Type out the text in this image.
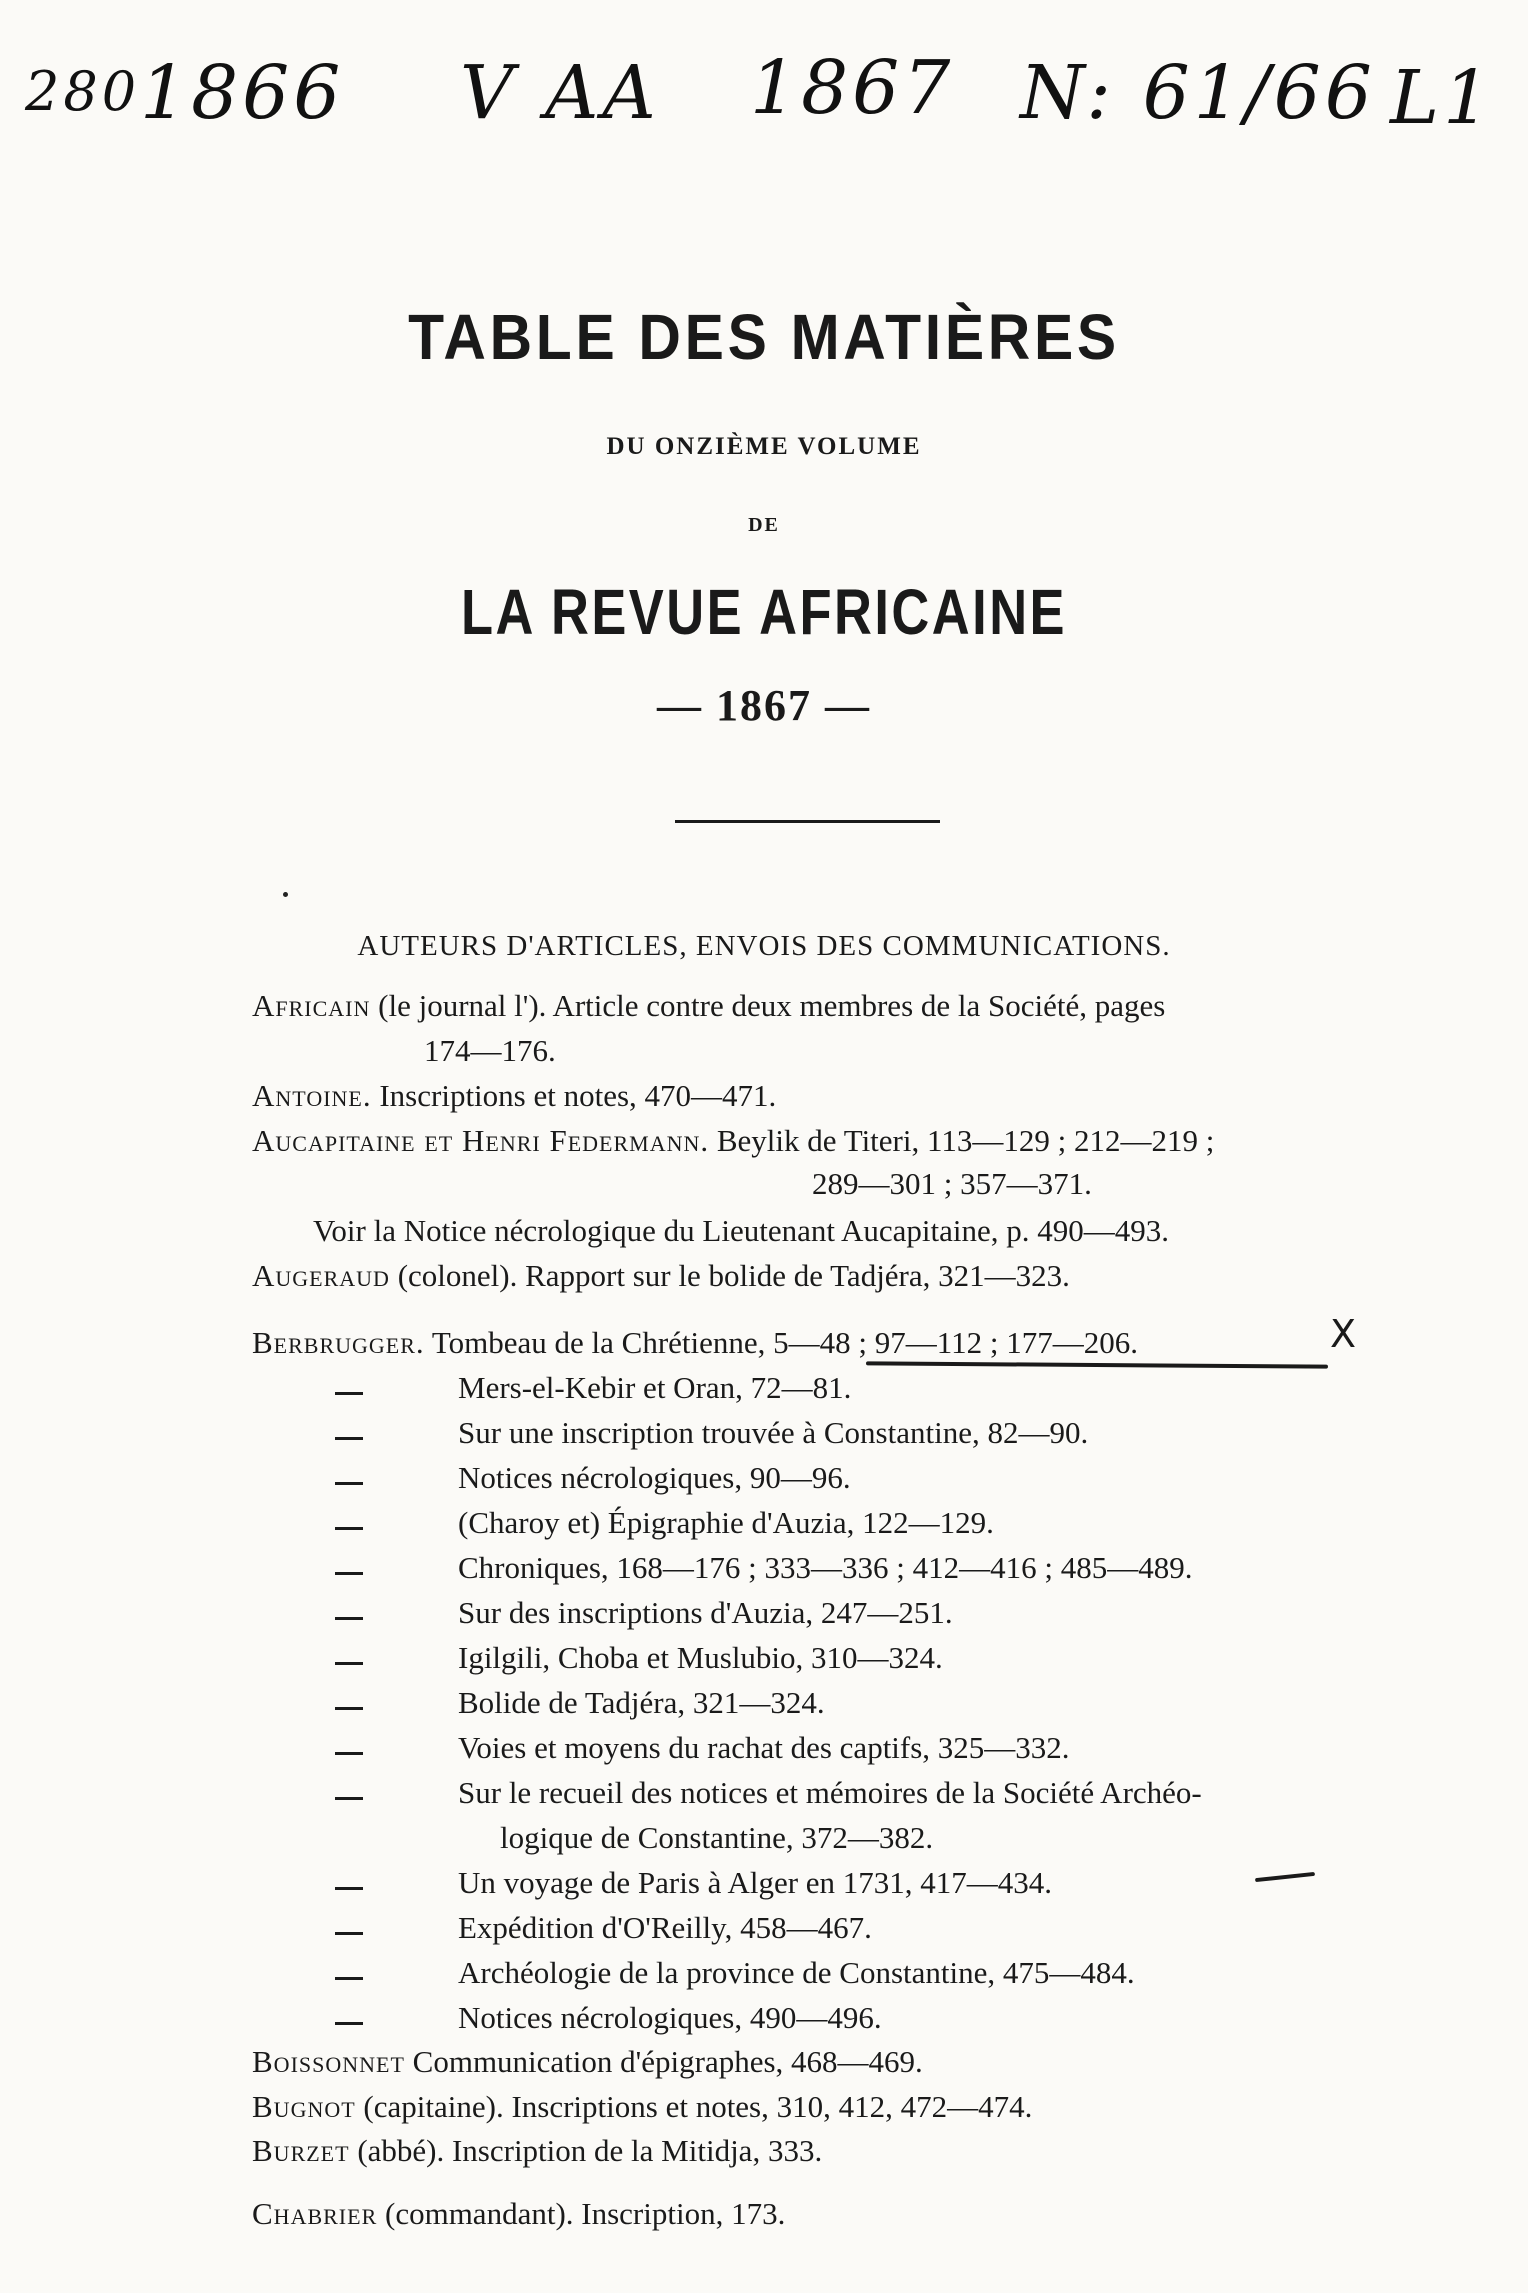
280 1866 V AA 1867 N: 61/66 L1
TABLE DES MATIÈRES
DU ONZIÈME VOLUME
DE
LA REVUE AFRICAINE
— 1867 —
AUTEURS D'ARTICLES, ENVOIS DES COMMUNICATIONS.
Africain (le journal l'). Article contre deux membres de la Société, pages
174—176.
Antoine. Inscriptions et notes, 470—471.
Aucapitaine et Henri Federmann. Beylik de Titeri, 113—129 ; 212—219 ;
289—301 ; 357—371.
Voir la Notice nécrologique du Lieutenant Aucapitaine, p. 490—493.
Augeraud (colonel). Rapport sur le bolide de Tadjéra, 321—323.
Berbrugger. Tombeau de la Chrétienne, 5—48 ; 97—112 ; 177—206.	X
Mers-el-Kebir et Oran, 72—81.
Sur une inscription trouvée à Constantine, 82—90.
Notices nécrologiques, 90—96.
(Charoy et) Épigraphie d'Auzia, 122—129.
Chroniques, 168—176 ; 333—336 ; 412—416 ; 485—489.
Sur des inscriptions d'Auzia, 247—251.
Igilgili, Choba et Muslubio, 310—324.
Bolide de Tadjéra, 321—324.
Voies et moyens du rachat des captifs, 325—332.
Sur le recueil des notices et mémoires de la Société Archéo-
logique de Constantine, 372—382.
Un voyage de Paris à Alger en 1731, 417—434.
Expédition d'O'Reilly, 458—467.
Archéologie de la province de Constantine, 475—484.
Notices nécrologiques, 490—496.
Boissonnet Communication d'épigraphes, 468—469.
Bugnot (capitaine). Inscriptions et notes, 310, 412, 472—474.
Burzet (abbé). Inscription de la Mitidja, 333.
Chabrier (commandant). Inscription, 173.
